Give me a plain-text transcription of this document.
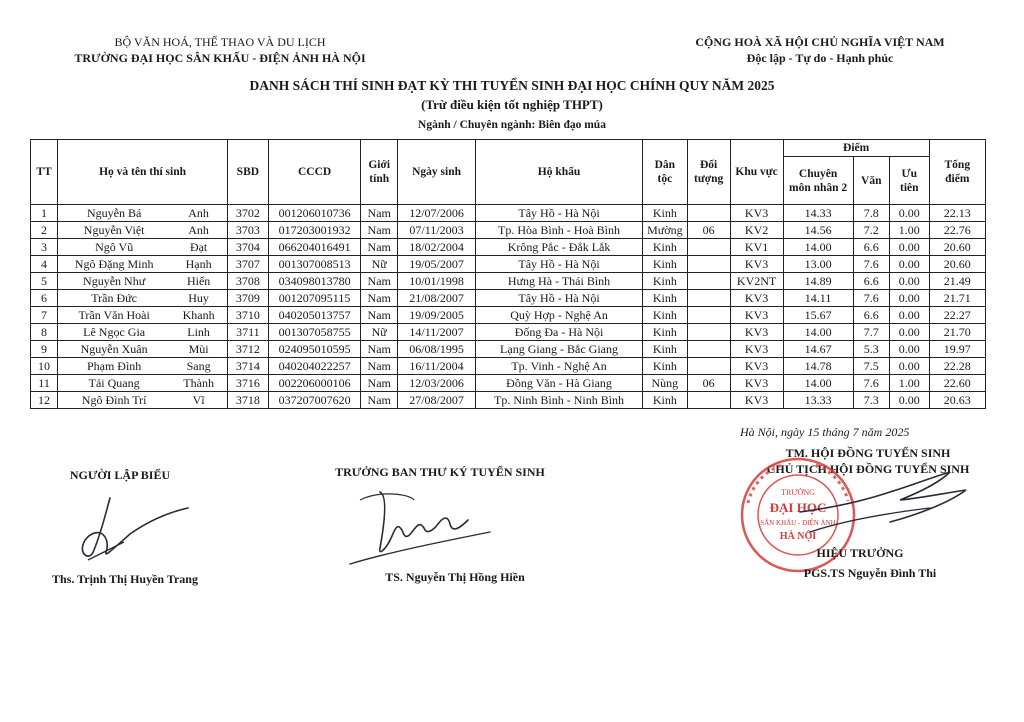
BỘ VĂN HOÁ, THỂ THAO VÀ DU LỊCH
TRƯỜNG ĐẠI HỌC SÂN KHẤU - ĐIỆN ẢNH HÀ NỘI
CỘNG HOÀ XÃ HỘI CHỦ NGHĨA VIỆT NAM
Độc lập - Tự do - Hạnh phúc
DANH SÁCH THÍ SINH ĐẠT KỲ THI TUYỂN SINH ĐẠI HỌC CHÍNH QUY NĂM 2025
(Trừ điều kiện tốt nghiệp THPT)
Ngành / Chuyên ngành: Biên đạo múa
TT	Họ và tên thí sinh		SBD	CCCD	Giới tính	Ngày sinh	Hộ khẩu	Dân tộc	Đối tượng	Khu vực	Điểm			Tổng điểm
											Chuyên môn nhân 2	Văn	Ưu tiên	
1	Nguyễn Bá	Anh	3702	001206010736	Nam	12/07/2006	Tây Hồ - Hà Nội	Kinh		KV3	14.33	7.8	0.00	22.13
2	Nguyễn Việt	Anh	3703	017203001932	Nam	07/11/2003	Tp. Hòa Bình - Hoà Bình	Mường	06	KV2	14.56	7.2	1.00	22.76
3	Ngô Vũ	Đạt	3704	066204016491	Nam	18/02/2004	Krông Pắc - Đắk Lắk	Kinh		KV1	14.00	6.6	0.00	20.60
4	Ngô Đặng Minh	Hạnh	3707	001307008513	Nữ	19/05/2007	Tây Hồ - Hà Nội	Kinh		KV3	13.00	7.6	0.00	20.60
5	Nguyễn Như	Hiển	3708	034098013780	Nam	10/01/1998	Hưng Hà - Thái Bình	Kinh		KV2NT	14.89	6.6	0.00	21.49
6	Trần Đức	Huy	3709	001207095115	Nam	21/08/2007	Tây Hồ - Hà Nội	Kinh		KV3	14.11	7.6	0.00	21.71
7	Trần Văn Hoài	Khanh	3710	040205013757	Nam	19/09/2005	Quỳ Hợp - Nghệ An	Kinh		KV3	15.67	6.6	0.00	22.27
8	Lê Ngọc Gia	Linh	3711	001307058755	Nữ	14/11/2007	Đống Đa - Hà Nội	Kinh		KV3	14.00	7.7	0.00	21.70
9	Nguyễn Xuân	Mùi	3712	024095010595	Nam	06/08/1995	Lạng Giang - Bắc Giang	Kinh		KV3	14.67	5.3	0.00	19.97
10	Phạm Đình	Sang	3714	040204022257	Nam	16/11/2004	Tp. Vinh - Nghệ An	Kinh		KV3	14.78	7.5	0.00	22.28
11	Tải Quang	Thành	3716	002206000106	Nam	12/03/2006	Đồng Văn - Hà Giang	Nùng	06	KV3	14.00	7.6	1.00	22.60
12	Ngô Đình Trí	Vĩ	3718	037207007620	Nam	27/08/2007	Tp. Ninh Bình - Ninh Bình	Kinh		KV3	13.33	7.3	0.00	20.63
Hà Nội, ngày 15 tháng 7 năm 2025
NGƯỜI LẬP BIỂU
Ths. Trịnh Thị Huyền Trang
TRƯỞNG BAN THƯ KÝ TUYỂN SINH
TS. Nguyễn Thị Hồng Hiền
TM. HỘI ĐỒNG TUYỂN SINH
CHỦ TỊCH HỘI ĐỒNG TUYỂN SINH
TRƯỜNG
ĐẠI HỌC
SÂN KHẤU - ĐIỆN ẢNH
HÀ NỘI
HIỆU TRƯỞNG
PGS.TS Nguyễn Đình Thi
